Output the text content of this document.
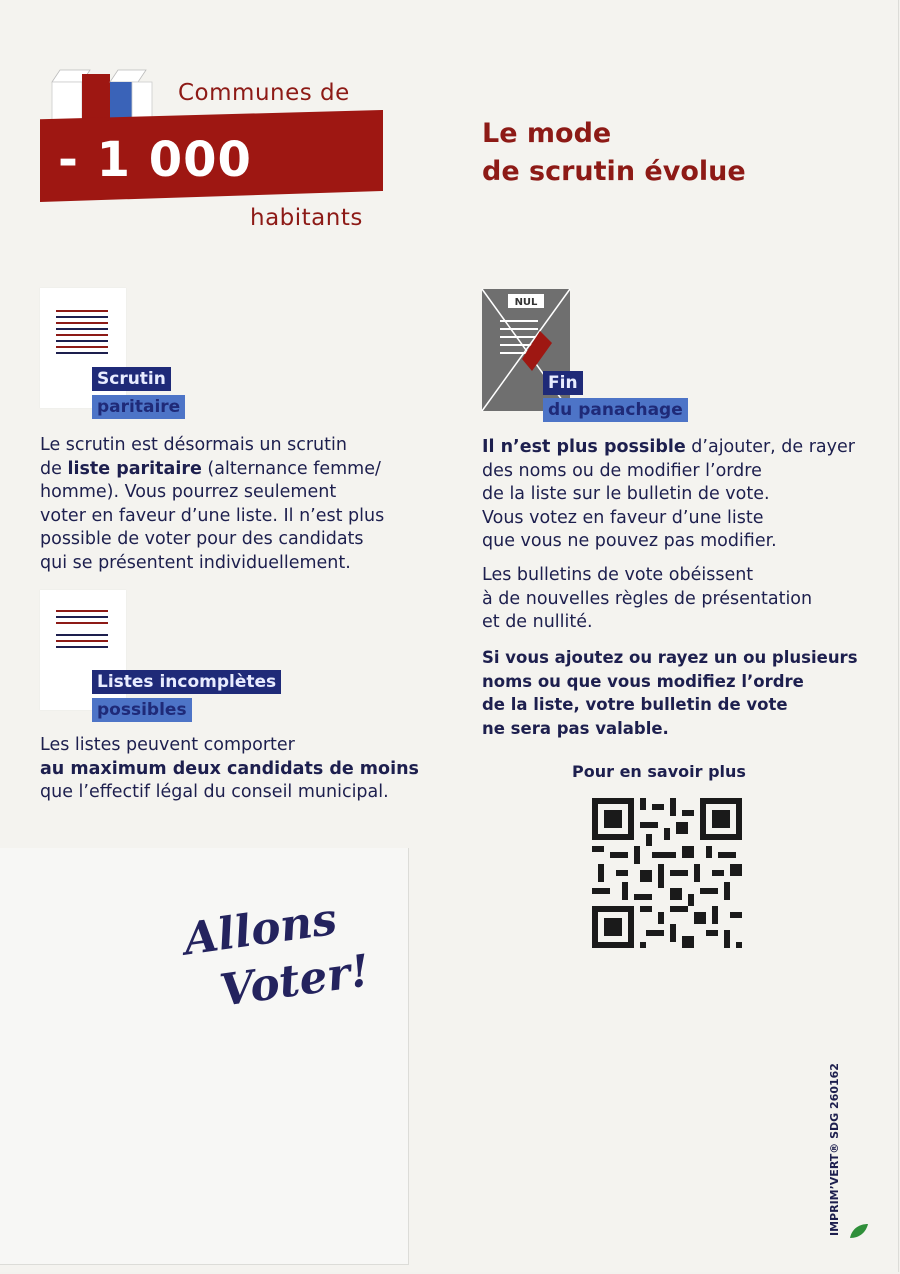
Communes de
- 1 000
habitants
Le mode
de scrutin évolue
Scrutin
paritaire
Le scrutin est désormais un scrutin
de liste paritaire (alternance femme/
homme). Vous pourrez seulement
voter en faveur d’une liste. Il n’est plus
possible de voter pour des candidats
qui se présentent individuellement.
Listes incomplètes
possibles
Les listes peuvent comporter
au maximum deux candidats de moins
que l’effectif légal du conseil municipal.
NUL
Fin
du panachage
Il n’est plus possible d’ajouter, de rayer
des noms ou de modifier l’ordre
de la liste sur le bulletin de vote.
Vous votez en faveur d’une liste
que vous ne pouvez pas modifier.
Les bulletins de vote obéissent
à de nouvelles règles de présentation
et de nullité.
Si vous ajoutez ou rayez un ou plusieurs
noms ou que vous modifiez l’ordre
de la liste, votre bulletin de vote
ne sera pas valable.
Pour en savoir plus
Allons
Voter!
IMPRIM’VERT® SDG 260162
